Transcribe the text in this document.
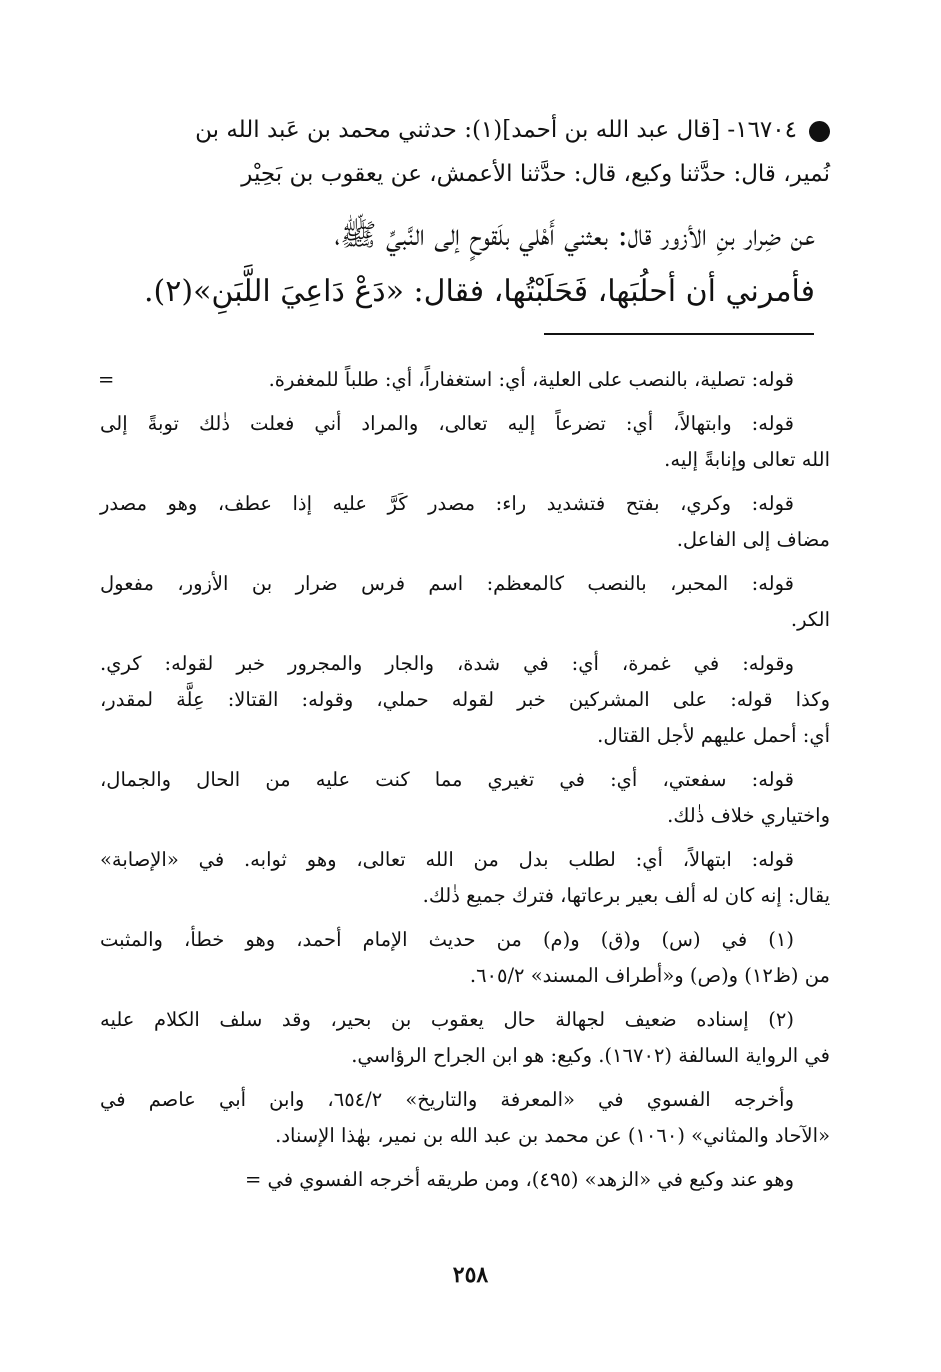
١٦٧٠٤- [قال عبد الله بن أحمد](١): حدثني محمد بن عَبد الله بن
نُمير، قال: حدَّثنا وكيع، قال: حدَّثنا الأعمش، عن يعقوب بن بَحِيْر
عن ضِرار بنِ الأزور قال: بعثني أَهْلي بلَقوحٍ إلى النَّبيِّ ﷺ،
فأمرني أن أحلُبَها، فَحَلَبْتُها، فقال: «دَعْ دَاعِيَ اللَّبَنِ»(٢).
=	قوله: تصلية، بالنصب على العلية، أي: استغفاراً، أي: طلباً للمغفرة.
قوله: وابتهالاً، أي: تضرعاً إليه تعالى، والمراد أني فعلت ذٰلك توبةً إلى
الله تعالى وإنابةً إليه.
قوله: وكري، بفتح فتشديد راء: مصدر كَرَّ عليه إذا عطف، وهو مصدر
مضاف إلى الفاعل.
قوله: المحبر، بالنصب كالمعظم: اسم فرس ضرار بن الأزور، مفعول
الكر.
وقوله: في غمرة، أي: في شدة، والجار والمجرور خبر لقوله: كري.
وكذا قوله: على المشركين خبر لقوله حملي، وقوله: القتالا: عِلَّة لمقدر،
أي: أحمل عليهم لأجل القتال.
قوله: سفعتي، أي: في تغيري مما كنت عليه من الحال والجمال،
واختياري خلاف ذٰلك.
قوله: ابتهالاً، أي: لطلب بدل من الله تعالى، وهو ثوابه. في «الإصابة»
يقال: إنه كان له ألف بعير برعاتها، فترك جميع ذٰلك.
(١) في (س) و(ق) و(م) من حديث الإمام أحمد، وهو خطأ، والمثبت
من (ظ١٢) و(ص) و«أطراف المسند» ٦٠٥/٢.
(٢) إسناده ضعيف لجهالة حال يعقوب بن بحير، وقد سلف الكلام عليه
في الرواية السالفة (١٦٧٠٢). وكيع: هو ابن الجراح الرؤاسي.
وأخرجه الفسوي في «المعرفة والتاريخ» ٦٥٤/٢، وابن أبي عاصم في
«الآحاد والمثاني» (١٠٦٠) عن محمد بن عبد الله بن نمير، بهٰذا الإسناد.
وهو عند وكيع في «الزهد» (٤٩٥)، ومن طريقه أخرجه الفسوي في =
٢٥٨
